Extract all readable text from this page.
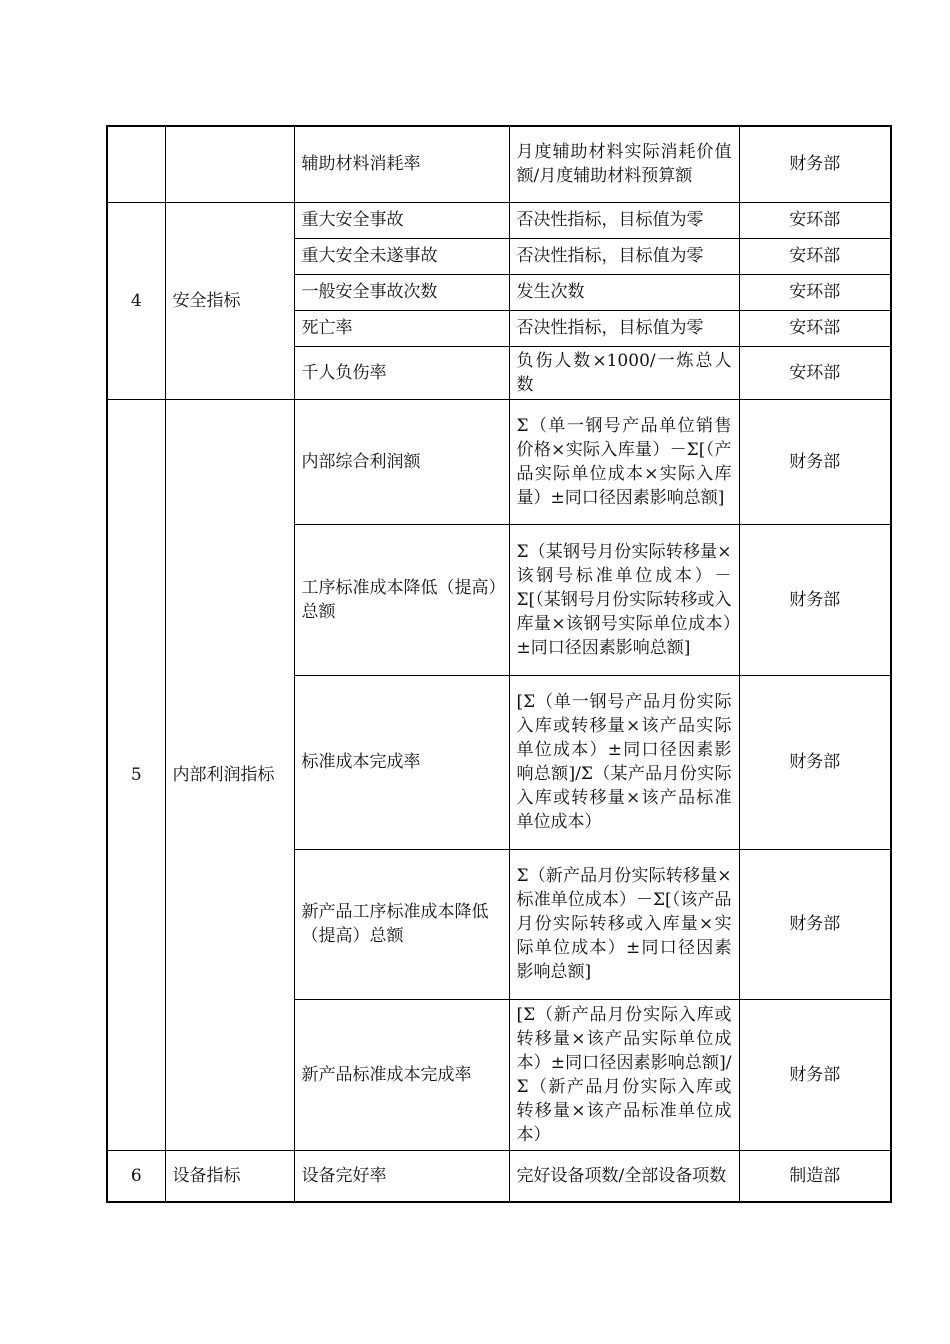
		辅助材料消耗率	月度辅助材料实际消耗价值额/月度辅助材料预算额	财务部
4	安全指标	重大安全事故	否决性指标，目标值为零	安环部
		重大安全未遂事故	否决性指标，目标值为零	安环部
		一般安全事故次数	发生次数	安环部
		死亡率	否决性指标，目标值为零	安环部
		千人负伤率	负伤人数×1000/一炼总人数	安环部
5	内部利润指标	内部综合利润额	Σ（单一钢号产品单位销售价格×实际入库量）－Σ[（产品实际单位成本×实际入库量）±同口径因素影响总额]	财务部
		工序标准成本降低（提高）总额	Σ（某钢号月份实际转移量×该钢号标准单位成本）－Σ[（某钢号月份实际转移或入库量×该钢号实际单位成本）±同口径因素影响总额]	财务部
		标准成本完成率	[Σ（单一钢号产品月份实际入库或转移量×该产品实际单位成本）±同口径因素影响总额]/Σ（某产品月份实际入库或转移量×该产品标准单位成本）	财务部
		新产品工序标准成本降低（提高）总额	Σ（新产品月份实际转移量×标准单位成本）－Σ[（该产品月份实际转移或入库量×实际单位成本）±同口径因素影响总额]	财务部
		新产品标准成本完成率	[Σ（新产品月份实际入库或转移量×该产品实际单位成本）±同口径因素影响总额]/Σ（新产品月份实际入库或转移量×该产品标准单位成本）	财务部
6	设备指标	设备完好率	完好设备项数/全部设备项数	制造部
